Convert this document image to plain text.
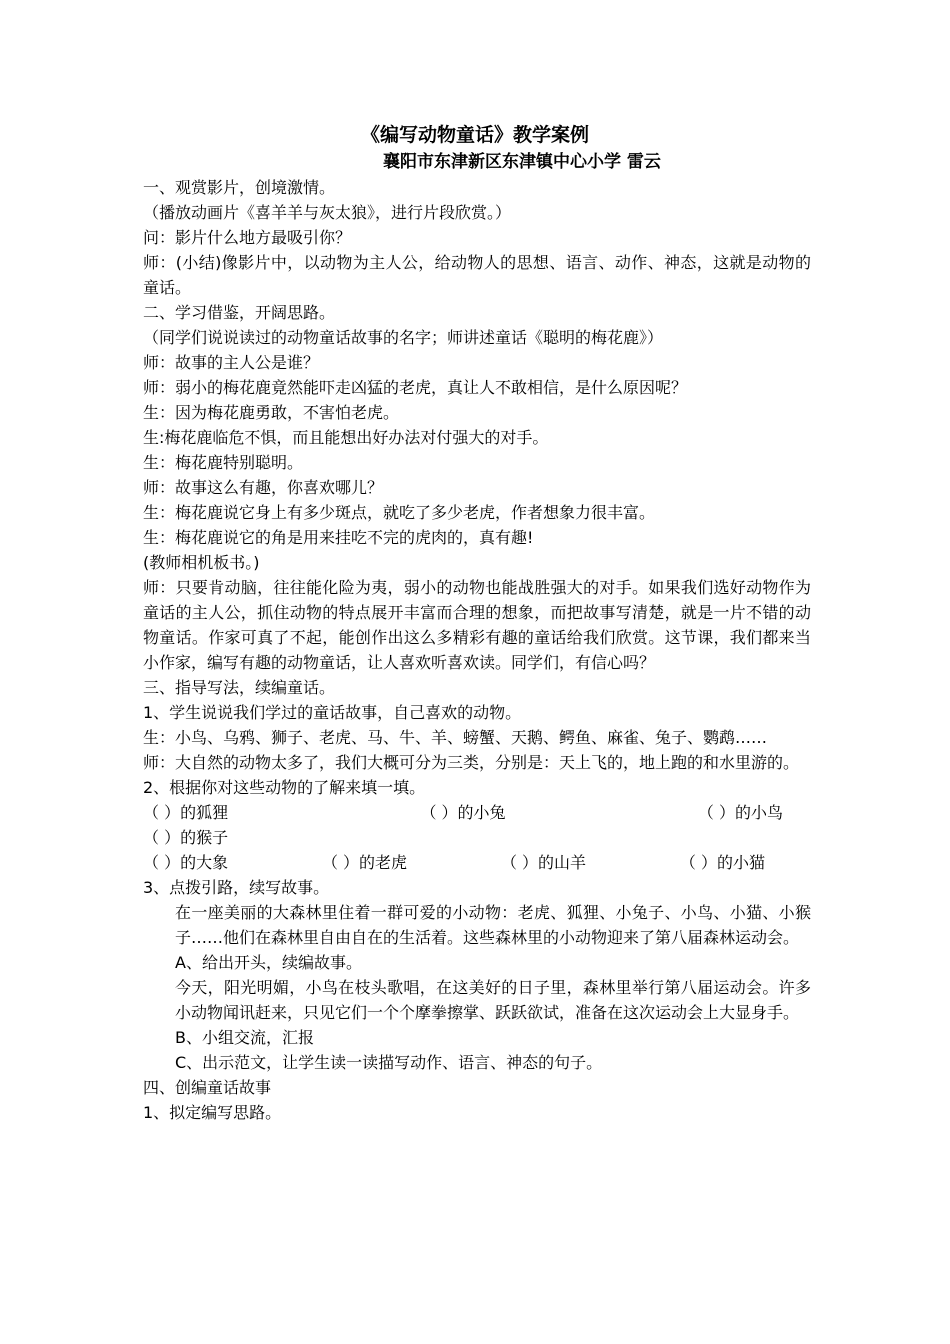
《编写动物童话》教学案例
襄阳市东津新区东津镇中心小学 雷云

一、观赏影片，创境激情。

（播放动画片《喜羊羊与灰太狼》，进行片段欣赏。）

问：影片什么地方最吸引你？

师：(小结)像影片中，以动物为主人公，给动物人的思想、语言、动作、神态，这就是动物的童话。

二、学习借鉴，开阔思路。

（同学们说说读过的动物童话故事的名字；师讲述童话《聪明的梅花鹿》）

师：故事的主人公是谁？

师：弱小的梅花鹿竟然能吓走凶猛的老虎，真让人不敢相信，是什么原因呢？

生：因为梅花鹿勇敢，不害怕老虎。

生:梅花鹿临危不惧，而且能想出好办法对付强大的对手。

生：梅花鹿特别聪明。

师：故事这么有趣，你喜欢哪儿？

生：梅花鹿说它身上有多少斑点，就吃了多少老虎，作者想象力很丰富。

生：梅花鹿说它的角是用来挂吃不完的虎肉的，真有趣!

(教师相机板书。)

师：只要肯动脑，往往能化险为夷，弱小的动物也能战胜强大的对手。如果我们选好动物作为童话的主人公，抓住动物的特点展开丰富而合理的想象，而把故事写清楚，就是一片不错的动物童话。作家可真了不起，能创作出这么多精彩有趣的童话给我们欣赏。这节课，我们都来当小作家，编写有趣的动物童话，让人喜欢听喜欢读。同学们，有信心吗？

三、指导写法，续编童话。

1、学生说说我们学过的童话故事，自己喜欢的动物。

生：小鸟、乌鸦、狮子、老虎、马、牛、羊、螃蟹、天鹅、鳄鱼、麻雀、兔子、鹦鹉……

师：大自然的动物太多了，我们大概可分为三类，分别是：天上飞的，地上跑的和水里游的。

2、根据你对这些动物的了解来填一填。

（ ）的狐狸	（ ）的小兔	（ ）的小鸟

（ ）的猴子

（ ）的大象	（ ）的老虎	（ ）的山羊	（ ）的小猫

3、点拨引路，续写故事。

在一座美丽的大森林里住着一群可爱的小动物：老虎、狐狸、小兔子、小鸟、小猫、小猴子……他们在森林里自由自在的生活着。这些森林里的小动物迎来了第八届森林运动会。

A、给出开头，续编故事。

今天，阳光明媚，小鸟在枝头歌唱，在这美好的日子里，森林里举行第八届运动会。许多小动物闻讯赶来，只见它们一个个摩拳擦掌、跃跃欲试，准备在这次运动会上大显身手。

B、小组交流，汇报

C、出示范文，让学生读一读描写动作、语言、神态的句子。

四、创编童话故事

1、拟定编写思路。
